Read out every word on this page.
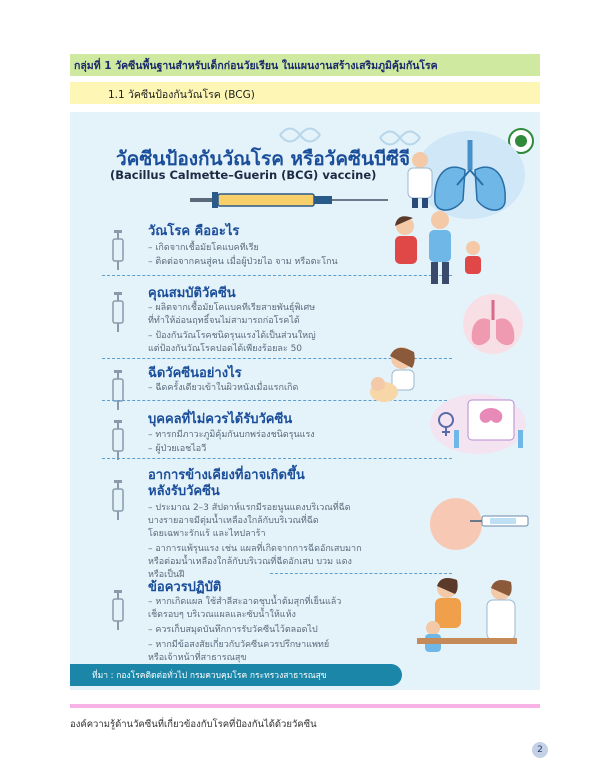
กลุ่มที่ 1 วัคซีนพื้นฐานสำหรับเด็กก่อนวัยเรียน ในแผนงานสร้างเสริมภูมิคุ้มกันโรค
1.1 วัคซีนป้องกันวัณโรค (BCG)
วัคซีนป้องกันวัณโรค หรือวัคซีนบีซีจี
(Bacillus Calmette–Guerin (BCG) vaccine)
วัณโรค คืออะไร
– เกิดจากเชื้อมัยโคแบคทีเรีย
– ติดต่อจากคนสู่คน เมื่อผู้ป่วยไอ จาม หรือตะโกน
คุณสมบัติวัคซีน
– ผลิตจากเชื้อมัยโคแบคทีเรียสายพันธุ์พิเศษ
ที่ทำให้อ่อนฤทธิ์จนไม่สามารถก่อโรคได้
– ป้องกันวัณโรคชนิดรุนแรงได้เป็นส่วนใหญ่
แต่ป้องกันวัณโรคปอดได้เพียงร้อยละ 50
ฉีดวัคซีนอย่างไร
– ฉีดครั้งเดียวเข้าในผิวหนังเมื่อแรกเกิด
บุคคลที่ไม่ควรได้รับวัคซีน
– ทารกมีภาวะภูมิคุ้มกันบกพร่องชนิดรุนแรง
– ผู้ป่วยเอชไอวี
อาการข้างเคียงที่อาจเกิดขึ้น
หลังรับวัคซีน
– ประมาณ 2–3 สัปดาห์แรกมีรอยนูนแดงบริเวณที่ฉีด
บางรายอาจมีตุ่มน้ำเหลืองใกล้กับบริเวณที่ฉีด
โดยเฉพาะรักแร้ และไหปลาร้า
– อาการแพ้รุนแรง เช่น แผลที่เกิดจากการฉีดอักเสบมาก
หรือต่อมน้ำเหลืองใกล้กับบริเวณที่ฉีดอักเสบ บวม แดง
หรือเป็นฝี
ข้อควรปฏิบัติ
– หากเกิดแผล ใช้สำลีสะอาดชุบน้ำต้มสุกที่เย็นแล้ว
เช็ดรอบๆ บริเวณแผลและซับน้ำให้แห้ง
– ควรเก็บสมุดบันทึกการรับวัคซีนไว้ตลอดไป
– หากมีข้อสงสัยเกี่ยวกับวัคซีนควรปรึกษาแพทย์
หรือเจ้าหน้าที่สาธารณสุข
ที่มา : กองโรคติดต่อทั่วไป กรมควบคุมโรค กระทรวงสาธารณสุข
องค์ความรู้ด้านวัคซีนที่เกี่ยวข้องกับโรคที่ป้องกันได้ด้วยวัคซีน
2
